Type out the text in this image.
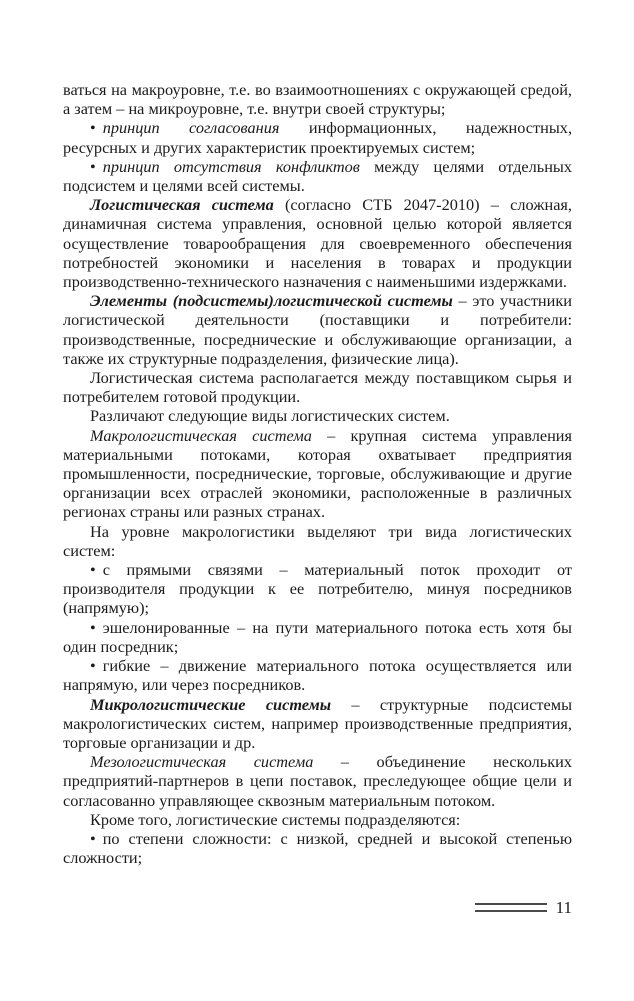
ваться на макроуровне, т.е. во взаимоотношениях с окружающей средой, а затем – на микроуровне, т.е. внутри своей структуры;

• принцип согласования информационных, надежностных, ресурсных и других характеристик проектируемых систем;

• принцип отсутствия конфликтов между целями отдельных подсистем и целями всей системы.

Логистическая система (согласно СТБ 2047-2010) – сложная, динамичная система управления, основной целью которой является осуществление товарообращения для своевременного обеспечения потребностей экономики и населения в товарах и продукции производственно-технического назначения с наименьшими издержками.

Элементы (подсистемы)логистической системы – это участники логистической деятельности (поставщики и потребители: производственные, посреднические и обслуживающие организации, а также их структурные подразделения, физические лица).

Логистическая система располагается между поставщиком сырья и потребителем готовой продукции.

Различают следующие виды логистических систем.

Макрологистическая система – крупная система управления материальными потоками, которая охватывает предприятия промышленности, посреднические, торговые, обслуживающие и другие организации всех отраслей экономики, расположенные в различных регионах страны или разных странах.

На уровне макрологистики выделяют три вида логистических систем:

• с прямыми связями – материальный поток проходит от производителя продукции к ее потребителю, минуя посредников (напрямую);

• эшелонированные – на пути материального потока есть хотя бы один посредник;

• гибкие – движение материального потока осуществляется или напрямую, или через посредников.

Микрологистические системы – структурные подсистемы макрологистических систем, например производственные предприятия, торговые организации и др.

Мезологистическая система – объединение нескольких предприятий-партнеров в цепи поставок, преследующее общие цели и согласованно управляющее сквозным материальным потоком.

Кроме того, логистические системы подразделяются:

• по степени сложности: с низкой, средней и высокой степенью сложности;

11
